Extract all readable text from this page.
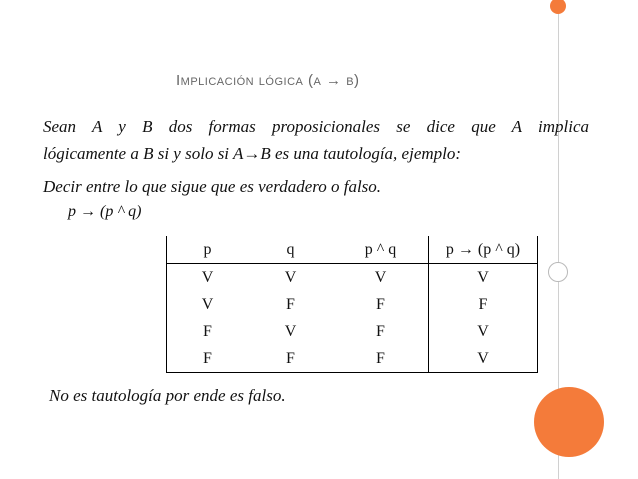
Implicación lógica (a → b)
Sean A y B dos formas proposicionales se dice que A implica
lógicamente a B si y solo si A→B es una tautología, ejemplo:
Decir entre lo que sigue que es verdadero o falso.
p → (p ^ q)
p	q	p ^ q	p → (p ^ q)
V	V	V	V
V	F	F	F
F	V	F	V
F	F	F	V
No es tautología por ende es falso.
